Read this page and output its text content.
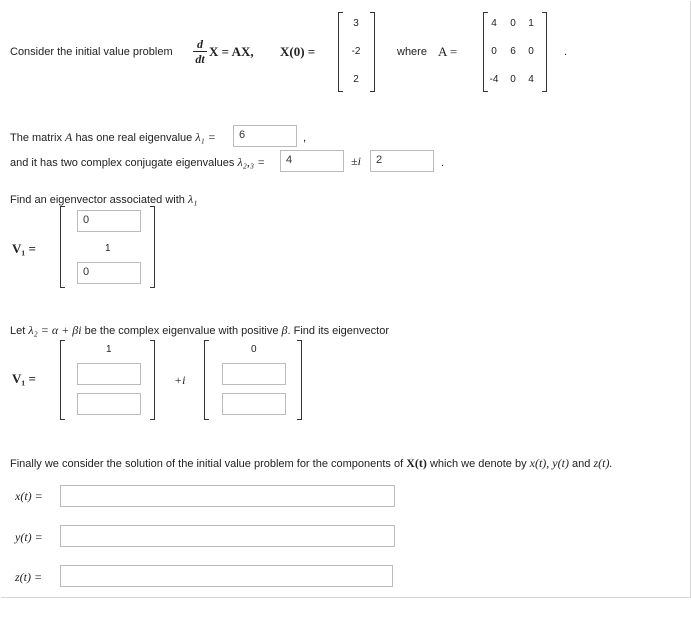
Consider the initial value problem
d
dt X = AX, X(0) =
3
-2
2
where A =
4	0	1
0	6	0
-4	0	4
.
The matrix A has one real eigenvalue λ₁ =	6	,
and it has two complex conjugate eigenvalues λ₂,₃ =	4	±i	2	.
Find an eigenvector associated with λ₁
V₁ =
0
1
0
Let λ₂ = α + βi be the complex eigenvalue with positive β. Find its eigenvector
V₁ =
1
+i
0
Finally we consider the solution of the initial value problem for the components of X(t) which we denote by x(t), y(t) and z(t).
x(t) =
y(t) =
z(t) =
